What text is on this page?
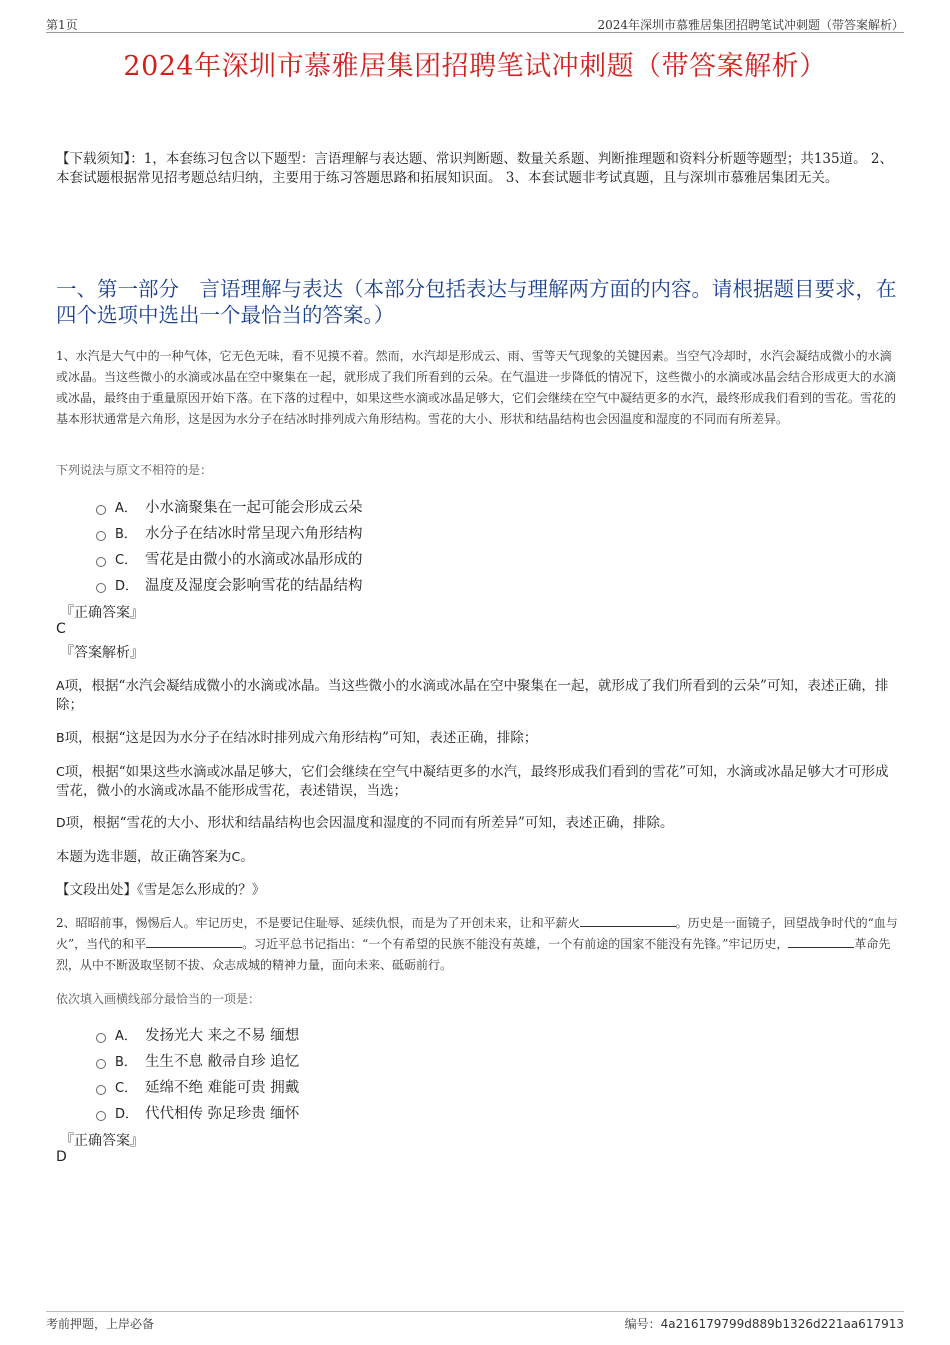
第1页	2024年深圳市慕雅居集团招聘笔试冲刺题（带答案解析）
2024年深圳市慕雅居集团招聘笔试冲刺题（带答案解析）
【下载须知】：1，本套练习包含以下题型：言语理解与表达题、常识判断题、数量关系题、判断推理题和资料分析题等题型；共135道。 2、本套试题根据常见招考题总结归纳，主要用于练习答题思路和拓展知识面。 3、本套试题非考试真题，且与深圳市慕雅居集团无关。
一、第一部分　言语理解与表达（本部分包括表达与理解两方面的内容。请根据题目要求，在四个选项中选出一个最恰当的答案。）
1、水汽是大气中的一种气体，它无色无味，看不见摸不着。然而，水汽却是形成云、雨、雪等天气现象的关键因素。当空气冷却时，水汽会凝结成微小的水滴或冰晶。当这些微小的水滴或冰晶在空中聚集在一起，就形成了我们所看到的云朵。在气温进一步降低的情况下，这些微小的水滴或冰晶会结合形成更大的水滴或冰晶，最终由于重量原因开始下落。在下落的过程中，如果这些水滴或冰晶足够大，它们会继续在空气中凝结更多的水汽，最终形成我们看到的雪花。雪花的基本形状通常是六角形，这是因为水分子在结冰时排列成六角形结构。雪花的大小、形状和结晶结构也会因温度和湿度的不同而有所差异。
下列说法与原文不相符的是：
A． 小水滴聚集在一起可能会形成云朵
B． 水分子在结冰时常呈现六角形结构
C． 雪花是由微小的水滴或冰晶形成的
D． 温度及湿度会影响雪花的结晶结构
『正确答案』
C
『答案解析』
A项，根据“水汽会凝结成微小的水滴或冰晶。当这些微小的水滴或冰晶在空中聚集在一起，就形成了我们所看到的云朵”可知，表述正确，排除；
B项，根据“这是因为水分子在结冰时排列成六角形结构”可知，表述正确，排除；
C项，根据“如果这些水滴或冰晶足够大，它们会继续在空气中凝结更多的水汽，最终形成我们看到的雪花”可知，水滴或冰晶足够大才可形成雪花，微小的水滴或冰晶不能形成雪花，表述错误，当选；
D项，根据“雪花的大小、形状和结晶结构也会因温度和湿度的不同而有所差异”可知，表述正确，排除。
本题为选非题，故正确答案为C。
【文段出处】《雪是怎么形成的？》
2、昭昭前事，惕惕后人。牢记历史，不是要记住耻辱、延续仇恨，而是为了开创未来，让和平薪火	。历史是一面镜子，回望战争时代的“血与火”，当代的和平	。习近平总书记指出：“一个有希望的民族不能没有英雄，一个有前途的国家不能没有先锋。”牢记历史，	革命先烈，从中不断汲取坚韧不拔、众志成城的精神力量，面向未来、砥砺前行。
依次填入画横线部分最恰当的一项是：
A． 发扬光大 来之不易 缅想
B． 生生不息 敝帚自珍 追忆
C． 延绵不绝 难能可贵 拥戴
D． 代代相传 弥足珍贵 缅怀
『正确答案』
D
考前押题，上岸必备	编号：4a216179799d889b1326d221aa617913
